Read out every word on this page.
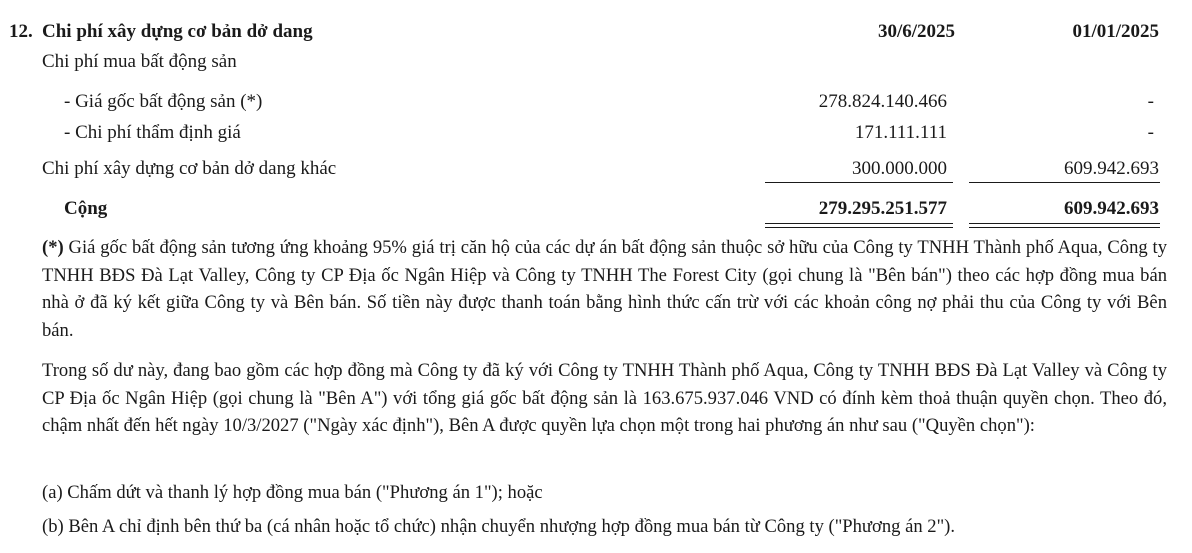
12. Chi phí xây dựng cơ bản dở dang	30/6/2025	01/01/2025
Chi phí mua bất động sản
- Giá gốc bất động sản (*)	278.824.140.466	-
- Chi phí thẩm định giá	171.111.111	-
Chi phí xây dựng cơ bản dở dang khác	300.000.000	609.942.693
Cộng	279.295.251.577	609.942.693
(*) Giá gốc bất động sản tương ứng khoảng 95% giá trị căn hộ của các dự án bất động sản thuộc sở hữu của Công ty TNHH Thành phố Aqua, Công ty TNHH BĐS Đà Lạt Valley, Công ty CP Địa ốc Ngân Hiệp và Công ty TNHH The Forest City (gọi chung là "Bên bán") theo các hợp đồng mua bán nhà ở đã ký kết giữa Công ty và Bên bán. Số tiền này được thanh toán bằng hình thức cấn trừ với các khoản công nợ phải thu của Công ty với Bên bán.
Trong số dư này, đang bao gồm các hợp đồng mà Công ty đã ký với Công ty TNHH Thành phố Aqua, Công ty TNHH BĐS Đà Lạt Valley và Công ty CP Địa ốc Ngân Hiệp (gọi chung là "Bên A") với tổng giá gốc bất động sản là 163.675.937.046 VND có đính kèm thoả thuận quyền chọn. Theo đó, chậm nhất đến hết ngày 10/3/2027 ("Ngày xác định"), Bên A được quyền lựa chọn một trong hai phương án như sau ("Quyền chọn"):
(a) Chấm dứt và thanh lý hợp đồng mua bán ("Phương án 1"); hoặc
(b) Bên A chỉ định bên thứ ba (cá nhân hoặc tổ chức) nhận chuyển nhượng hợp đồng mua bán từ Công ty ("Phương án 2").
